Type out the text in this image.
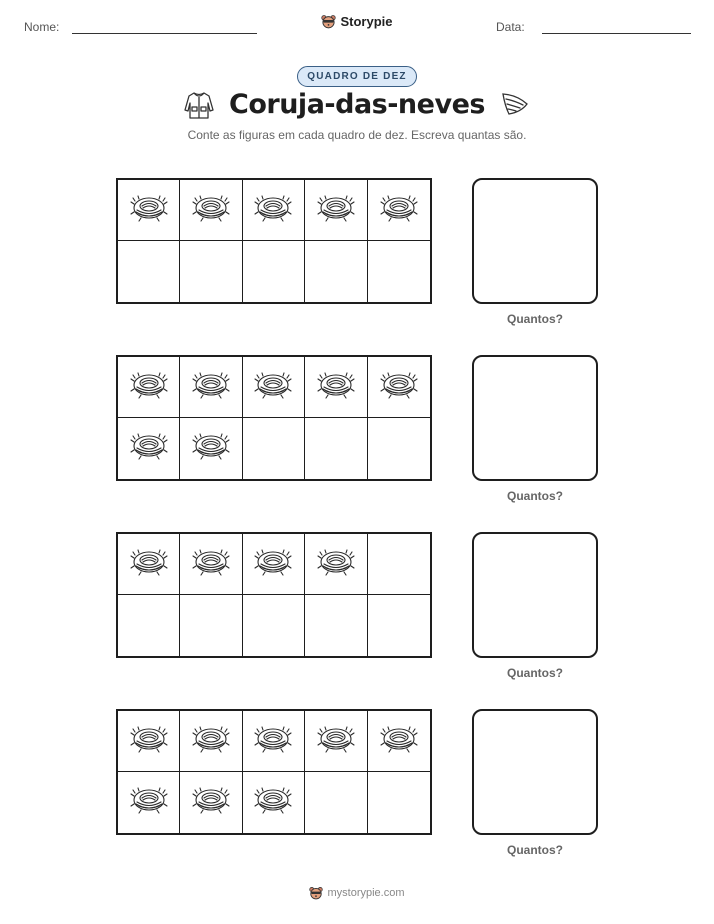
Nome:	Storypie	Data:
QUADRO DE DEZ
Coruja-das-neves
Conte as figuras em cada quadro de dez. Escreva quantas são.
Quantos?
Quantos?
Quantos?
Quantos?
mystorypie.com
